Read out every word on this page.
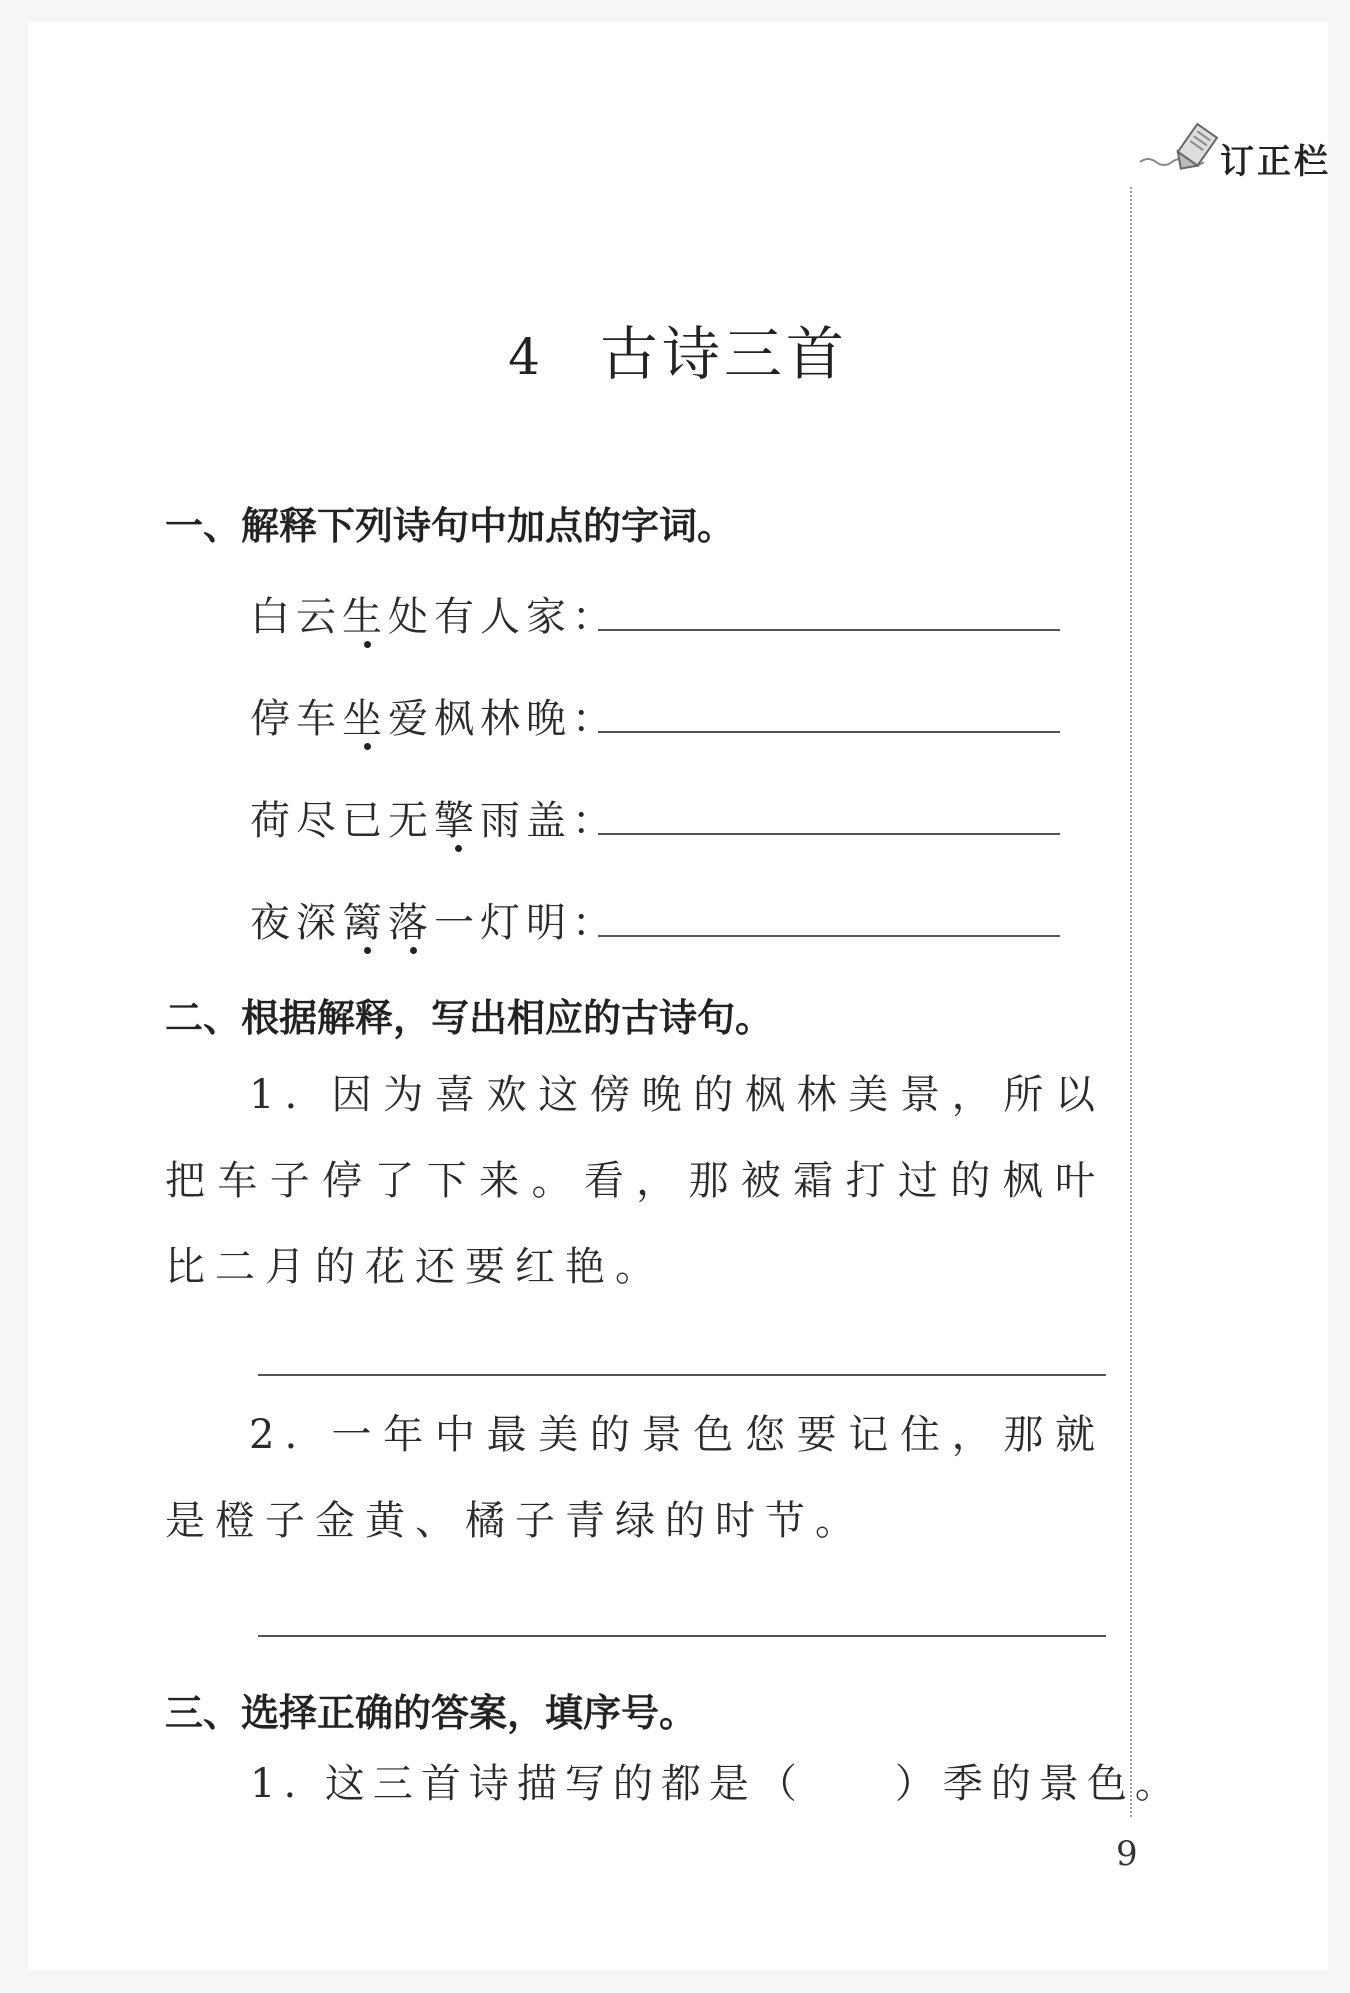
订正栏
4 古诗三首
一、解释下列诗句中加点的字词。
白云生处有人家：
停车坐爱枫林晚：
荷尽已无擎雨盖：
夜深篱落一灯明：
二、根据解释，写出相应的古诗句。
1. 因为喜欢这傍晚的枫林美景，所以把车子停了下来。看，那被霜打过的枫叶比二月的花还要红艳。
2. 一年中最美的景色您要记住，那就是橙子金黄、橘子青绿的时节。
三、选择正确的答案，填序号。
1. 这三首诗描写的都是（ ）季的景色。
9
